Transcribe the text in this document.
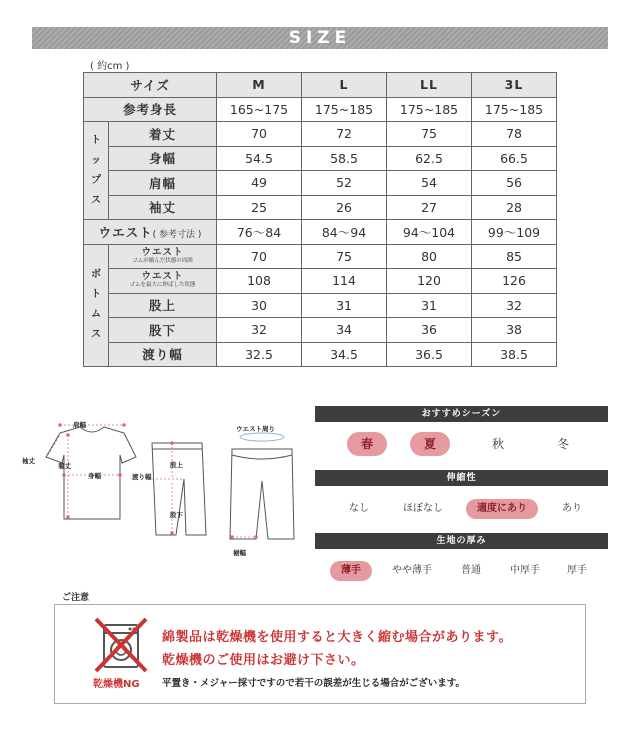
SIZE
( 約cm )
サイズ		M	L	LL	3L
参考身長		165~175	175~185	175~185	175~185
ト
ッ
プ
ス	着丈	70	72	75	78
	身幅	54.5	58.5	62.5	66.5
	肩幅	49	52	54	56
	袖丈	25	26	27	28
ウエスト( 参考寸法 )		76〜84	84〜94	94〜104	99〜109
ボ
ト
ム
ス	ウエスト
ゴムが縮んだ状態の周囲	70	75	80	85
	ウエスト
ゴムを最大に伸ばした状態	108	114	120	126
	股上	30	31	31	32
	股下	32	34	36	38
	渡り幅	32.5	34.5	36.5	38.5
肩幅
袖丈
着丈
身幅	渡り幅
股上
股下
ウエスト周り
裾幅
おすすめシーズン
春	夏	秋	冬
伸縮性
なし	ほぼなし	適度にあり	あり
生地の厚み
薄手	やや薄手	普通	中厚手	厚手
ご注意
乾燥機NG
綿製品は乾燥機を使用すると大きく縮む場合があります。
乾燥機のご使用はお避け下さい。
平置き・メジャー採寸ですので若干の誤差が生じる場合がございます。
